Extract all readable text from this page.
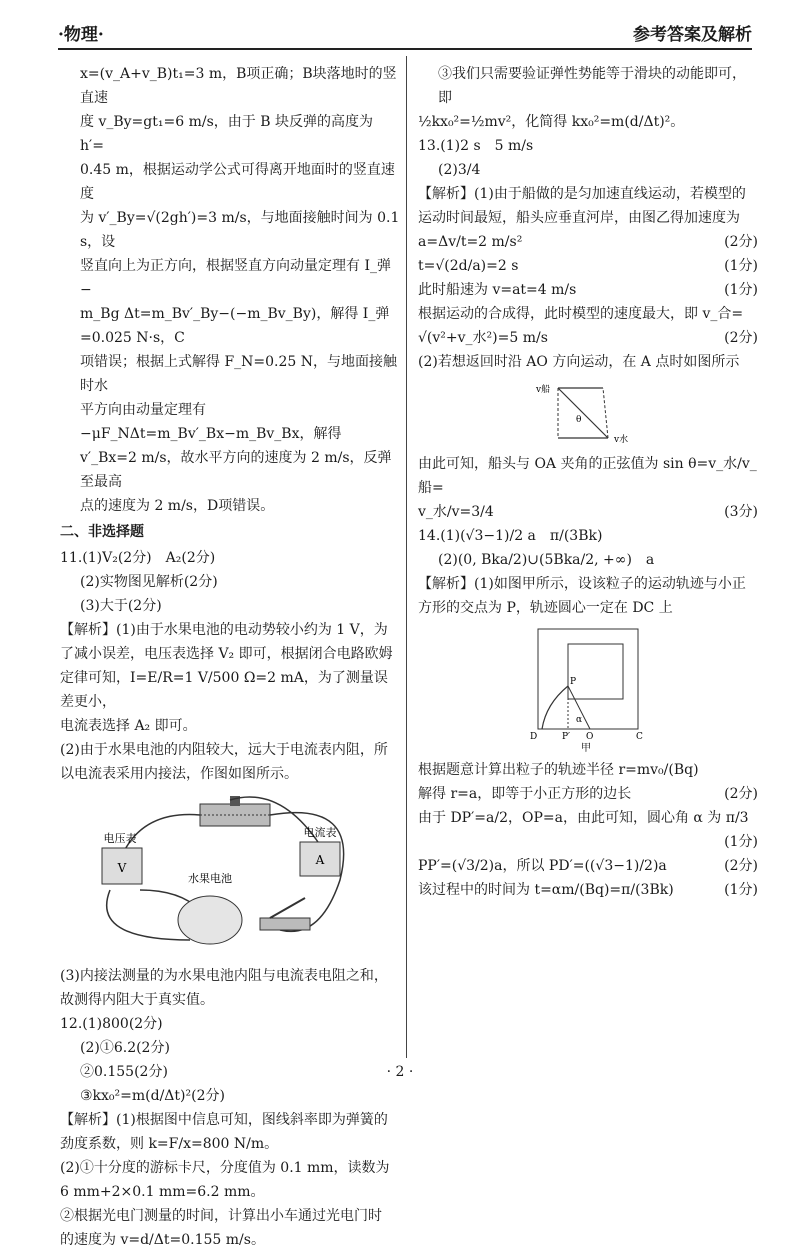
·物理·	参考答案及解析

x=(v_A+v_B)t₁=3 m，B项正确；B块落地时的竖直速

度 v_By=gt₁=6 m/s，由于 B 块反弹的高度为 h′=

0.45 m，根据运动学公式可得离开地面时的竖直速度

为 v′_By=√(2gh′)=3 m/s，与地面接触时间为 0.1 s，设

竖直向上为正方向，根据竖直方向动量定理有 I_弹−

m_Bg Δt=m_Bv′_By−(−m_Bv_By)，解得 I_弹=0.025 N·s，C

项错误；根据上式解得 F_N=0.25 N，与地面接触时水

平方向由动量定理有 −μF_NΔt=m_Bv′_Bx−m_Bv_Bx，解得

v′_Bx=2 m/s，故水平方向的速度为 2 m/s，反弹至最高

点的速度为 2 m/s，D项错误。

二、非选择题

11.(1)V₂(2分)　A₂(2分)

(2)实物图见解析(2分)

(3)大于(2分)

【解析】(1)由于水果电池的电动势较小约为 1 V，为

了减小误差，电压表选择 V₂ 即可，根据闭合电路欧姆

定律可知，I=E/R=1 V/500 Ω=2 mA，为了测量误差更小，

电流表选择 A₂ 即可。

(2)由于水果电池的内阻较大，远大于电流表内阻，所

以电流表采用内接法，作图如图所示。

V
电压表
A
电流表
水果电池

(3)内接法测量的为水果电池内阻与电流表电阻之和，

故测得内阻大于真实值。

12.(1)800(2分)

(2)①6.2(2分)

②0.155(2分)

③kx₀²=m(d/Δt)²(2分)

【解析】(1)根据图中信息可知，图线斜率即为弹簧的

劲度系数，则 k=F/x=800 N/m。

(2)①十分度的游标卡尺，分度值为 0.1 mm，读数为

6 mm+2×0.1 mm=6.2 mm。

②根据光电门测量的时间，计算出小车通过光电门时

的速度为 v=d/Δt=0.155 m/s。

③我们只需要验证弹性势能等于滑块的动能即可，即

½kx₀²=½mv²，化简得 kx₀²=m(d/Δt)²。

13.(1)2 s　5 m/s

(2)3/4

【解析】(1)由于船做的是匀加速直线运动，若模型的

运动时间最短，船头应垂直河岸，由图乙得加速度为

a=Δv/t=2 m/s²	(2分)
t=√(2d/a)=2 s	(1分)
此时船速为 v=at=4 m/s	(1分)

根据运动的合成得，此时模型的速度最大，即 v_合=

√(v²+v_水²)=5 m/s	(2分)

(2)若想返回时沿 AO 方向运动，在 A 点时如图所示

v船
θ
v水

由此可知，船头与 OA 夹角的正弦值为 sin θ=v_水/v_船=

v_水/v=3/4	(3分)

14.(1)(√3−1)/2 a　π/(3Bk)

(2)(0, Bka/2)∪(5Bka/2, +∞)　a

【解析】(1)如图甲所示，设该粒子的运动轨迹与小正

方形的交点为 P，轨迹圆心一定在 DC 上

P
D	P′ O	C
α
甲
根据题意计算出粒子的轨迹半径 r=mv₀/(Bq)
解得 r=a，即等于小正方形的边长	(2分)
由于 DP′=a/2，OP=a，由此可知，圆心角 α 为 π/3
(1分)
PP′=(√3/2)a，所以 PD′=((√3−1)/2)a	(2分)
该过程中的时间为 t=αm/(Bq)=π/(3Bk)	(1分)
· 2 ·
